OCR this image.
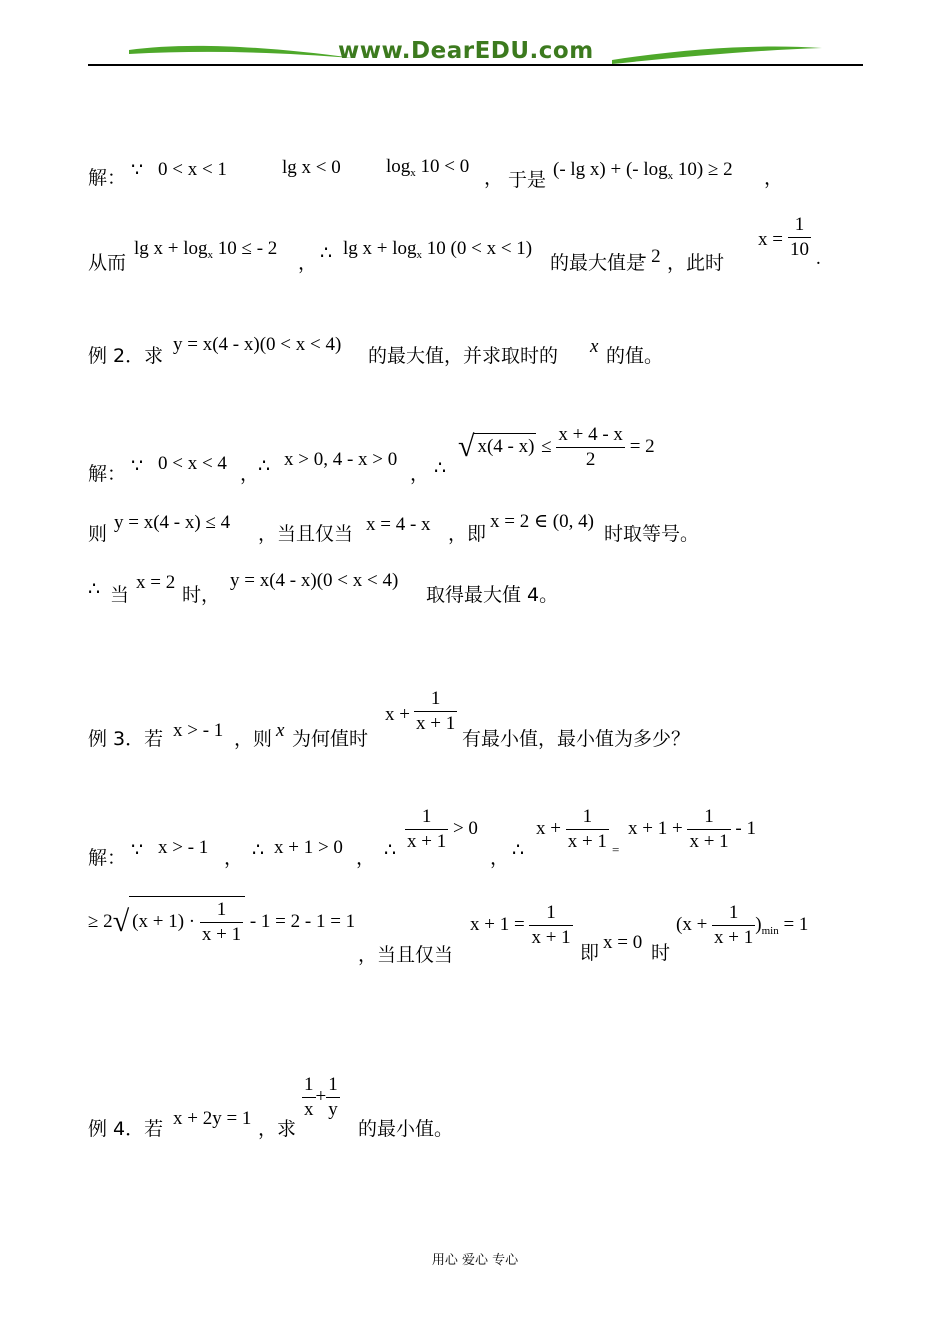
www.DearEDU.com
解： ∵ 0 < x < 1	lg x < 0 $\log_x 10 < 0$
， 于是 (- lg x) + (- $\log_x 10) \ge 2$ ，
从而
$\lg x + \log_x 10$ ≤ - 2
， ∴ $\lg x + \log_x 10$ (0 < x < 1)
的最大值是
- 2 ，此时
$x = \frac{1}{10}$ .
例 2．求
y = x(4 - x)(0 < x < 4)
的最大值，并求取时的 x 的值。
解： ∵ 0 < x < 4 ，
∴ x > 0, 4 - x > 0
， ∴
√ $x(4 - x) \le \frac{x + 4 - x}{2} = 2$
则
y = x(4 - x) ≤ 4
，当且仅当 x = 4 - x ，即
x = 2 ∈ (0, 4)
时取等号。
∴ 当
x = 2
时，
y = x(4 - x)(0 < x < 4)
取得最大值 4。
例 3．若 x > - 1 ，则 x 为何值时
$x + \frac{1}{x + 1}$
有最小值，最小值为多少？
解： ∵ x > - 1 ， ∴ x + 1 > 0 ， ∴ $\frac{1}{x + 1} > 0$
， ∴
$x + \frac{1}{x + 1}$ =
$x + 1 + \frac{1}{x + 1} - 1$
≥ 2√ $(x + 1) \cdot \frac{1}{x + 1} - 1 = 2 - 1 = 1$
，当且仅当
$x + 1 = \frac{1}{x + 1}$
即 x = 0 时
$(x + \frac{1}{x + 1} )_{min} = 1$
例 4．若 x + 2y = 1 ，求
$\frac{1}{x} + \frac{1}{y}$
的最小值。
用心 爱心 专心
